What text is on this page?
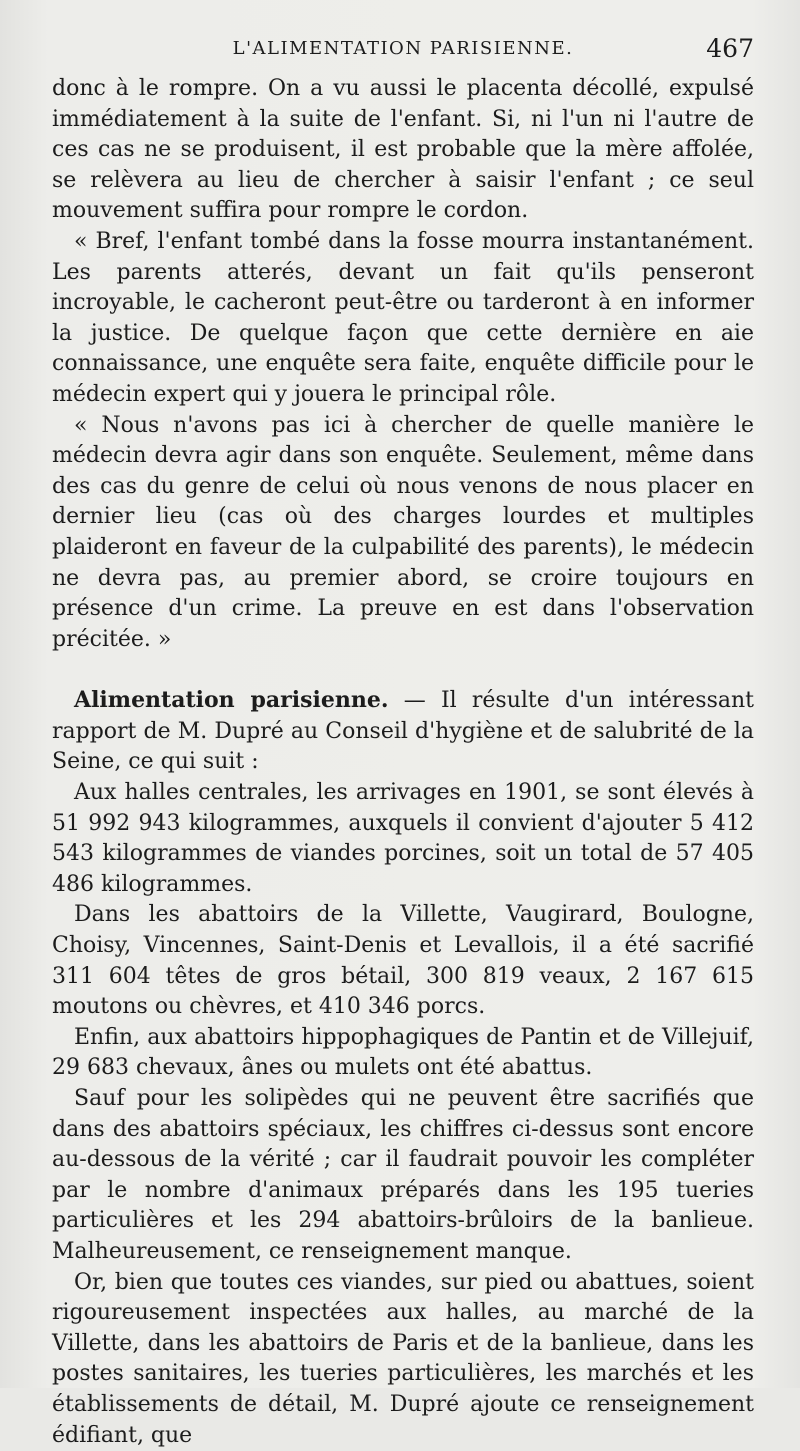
L'ALIMENTATION PARISIENNE.	467

donc à le rompre. On a vu aussi le placenta décollé, expulsé immédiatement à la suite de l'enfant. Si, ni l'un ni l'autre de ces cas ne se produisent, il est probable que la mère affolée, se relèvera au lieu de chercher à saisir l'enfant ; ce seul mouvement suffira pour rompre le cordon.

« Bref, l'enfant tombé dans la fosse mourra instantanément. Les parents atterés, devant un fait qu'ils penseront incroyable, le cacheront peut-être ou tarderont à en informer la justice. De quelque façon que cette dernière en aie connaissance, une enquête sera faite, enquête difficile pour le médecin expert qui y jouera le principal rôle.

« Nous n'avons pas ici à chercher de quelle manière le médecin devra agir dans son enquête. Seulement, même dans des cas du genre de celui où nous venons de nous placer en dernier lieu (cas où des charges lourdes et multiples plaideront en faveur de la culpabilité des parents), le médecin ne devra pas, au premier abord, se croire toujours en présence d'un crime. La preuve en est dans l'observation précitée. »

Alimentation parisienne. — Il résulte d'un intéressant rapport de M. Dupré au Conseil d'hygiène et de salubrité de la Seine, ce qui suit :

Aux halles centrales, les arrivages en 1901, se sont élevés à 51 992 943 kilogrammes, auxquels il convient d'ajouter 5 412 543 kilogrammes de viandes porcines, soit un total de 57 405 486 kilogrammes.

Dans les abattoirs de la Villette, Vaugirard, Boulogne, Choisy, Vincennes, Saint-Denis et Levallois, il a été sacrifié 311 604 têtes de gros bétail, 300 819 veaux, 2 167 615 moutons ou chèvres, et 410 346 porcs.

Enfin, aux abattoirs hippophagiques de Pantin et de Villejuif, 29 683 chevaux, ânes ou mulets ont été abattus.

Sauf pour les solipèdes qui ne peuvent être sacrifiés que dans des abattoirs spéciaux, les chiffres ci-dessus sont encore au-dessous de la vérité ; car il faudrait pouvoir les compléter par le nombre d'animaux préparés dans les 195 tueries particulières et les 294 abattoirs-brûloirs de la banlieue. Malheureusement, ce renseignement manque.

Or, bien que toutes ces viandes, sur pied ou abattues, soient rigoureusement inspectées aux halles, au marché de la Villette, dans les abattoirs de Paris et de la banlieue, dans les postes sanitaires, les tueries particulières, les marchés et les établissements de détail, M. Dupré ajoute ce renseignement édifiant, que
